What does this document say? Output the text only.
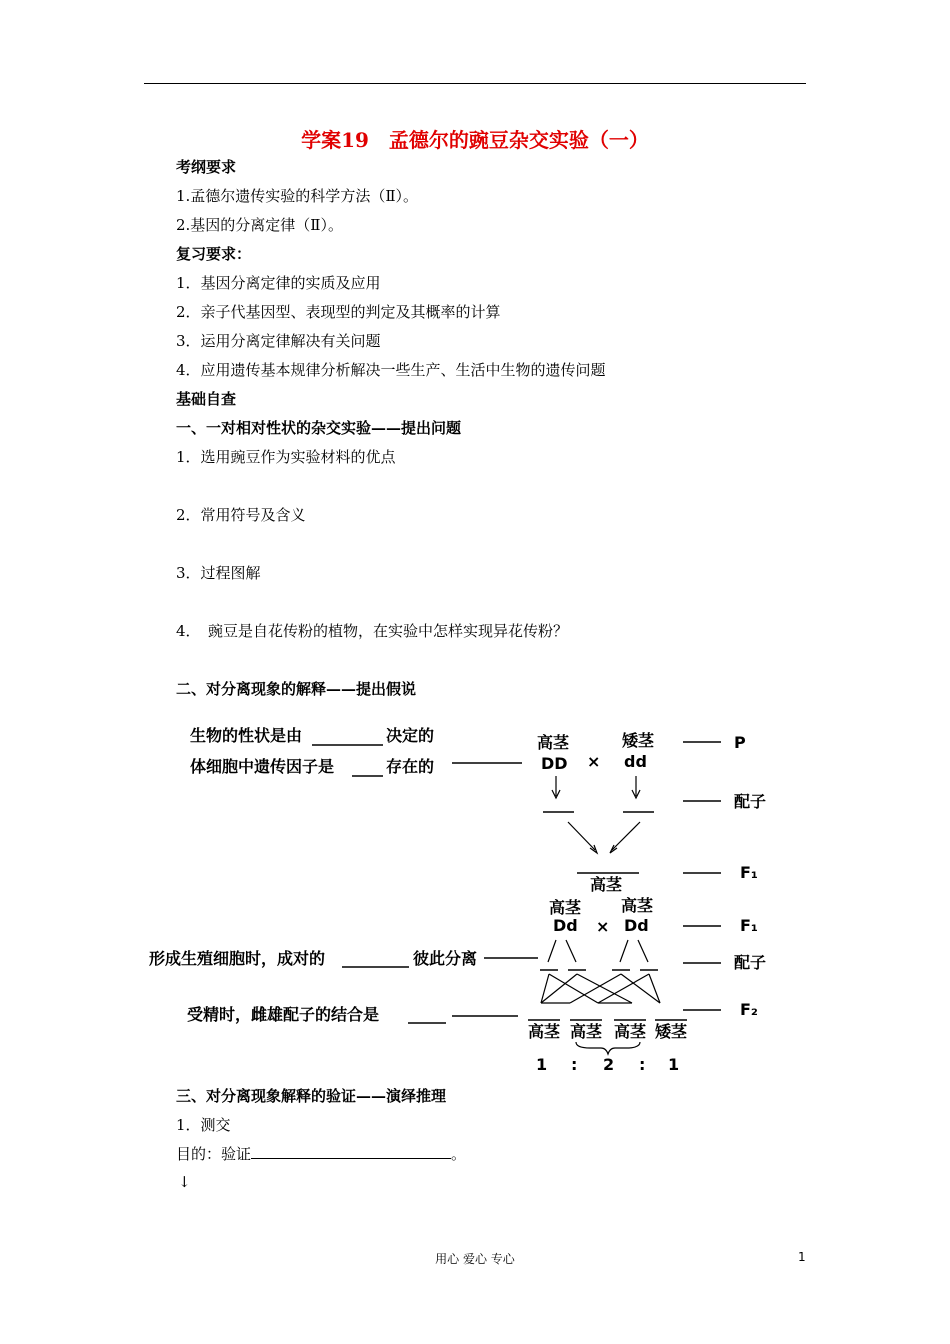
学案19　孟德尔的豌豆杂交实验（一）
考纲要求
1.孟德尔遗传实验的科学方法（Ⅱ）。
2.基因的分离定律（Ⅱ）。
复习要求：
1．基因分离定律的实质及应用
2．亲子代基因型、表现型的判定及其概率的计算
3．运用分离定律解决有关问题
4．应用遗传基本规律分析解决一些生产、生活中生物的遗传问题
基础自查
一、一对相对性状的杂交实验——提出问题
1．选用豌豆作为实验材料的优点
2．常用符号及含义
3．过程图解
4．　豌豆是自花传粉的植物，在实验中怎样实现异花传粉？
二、对分离现象的解释——提出假说
生物的性状是由	决定的
体细胞中遗传因子是	存在的
高茎
DD ×
矮茎
dd
P
配子
高茎
F₁
高茎
Dd ×
高茎
Dd	F₁
形成生殖细胞时，成对的	彼此分离	配子
受精时，雌雄配子的结合是	F₂
高茎 高茎 高茎 矮茎
1 : 2 : 1
三、对分离现象解释的验证——演绎推理
1．测交
目的：验证	。
↓
用心 爱心 专心	1
